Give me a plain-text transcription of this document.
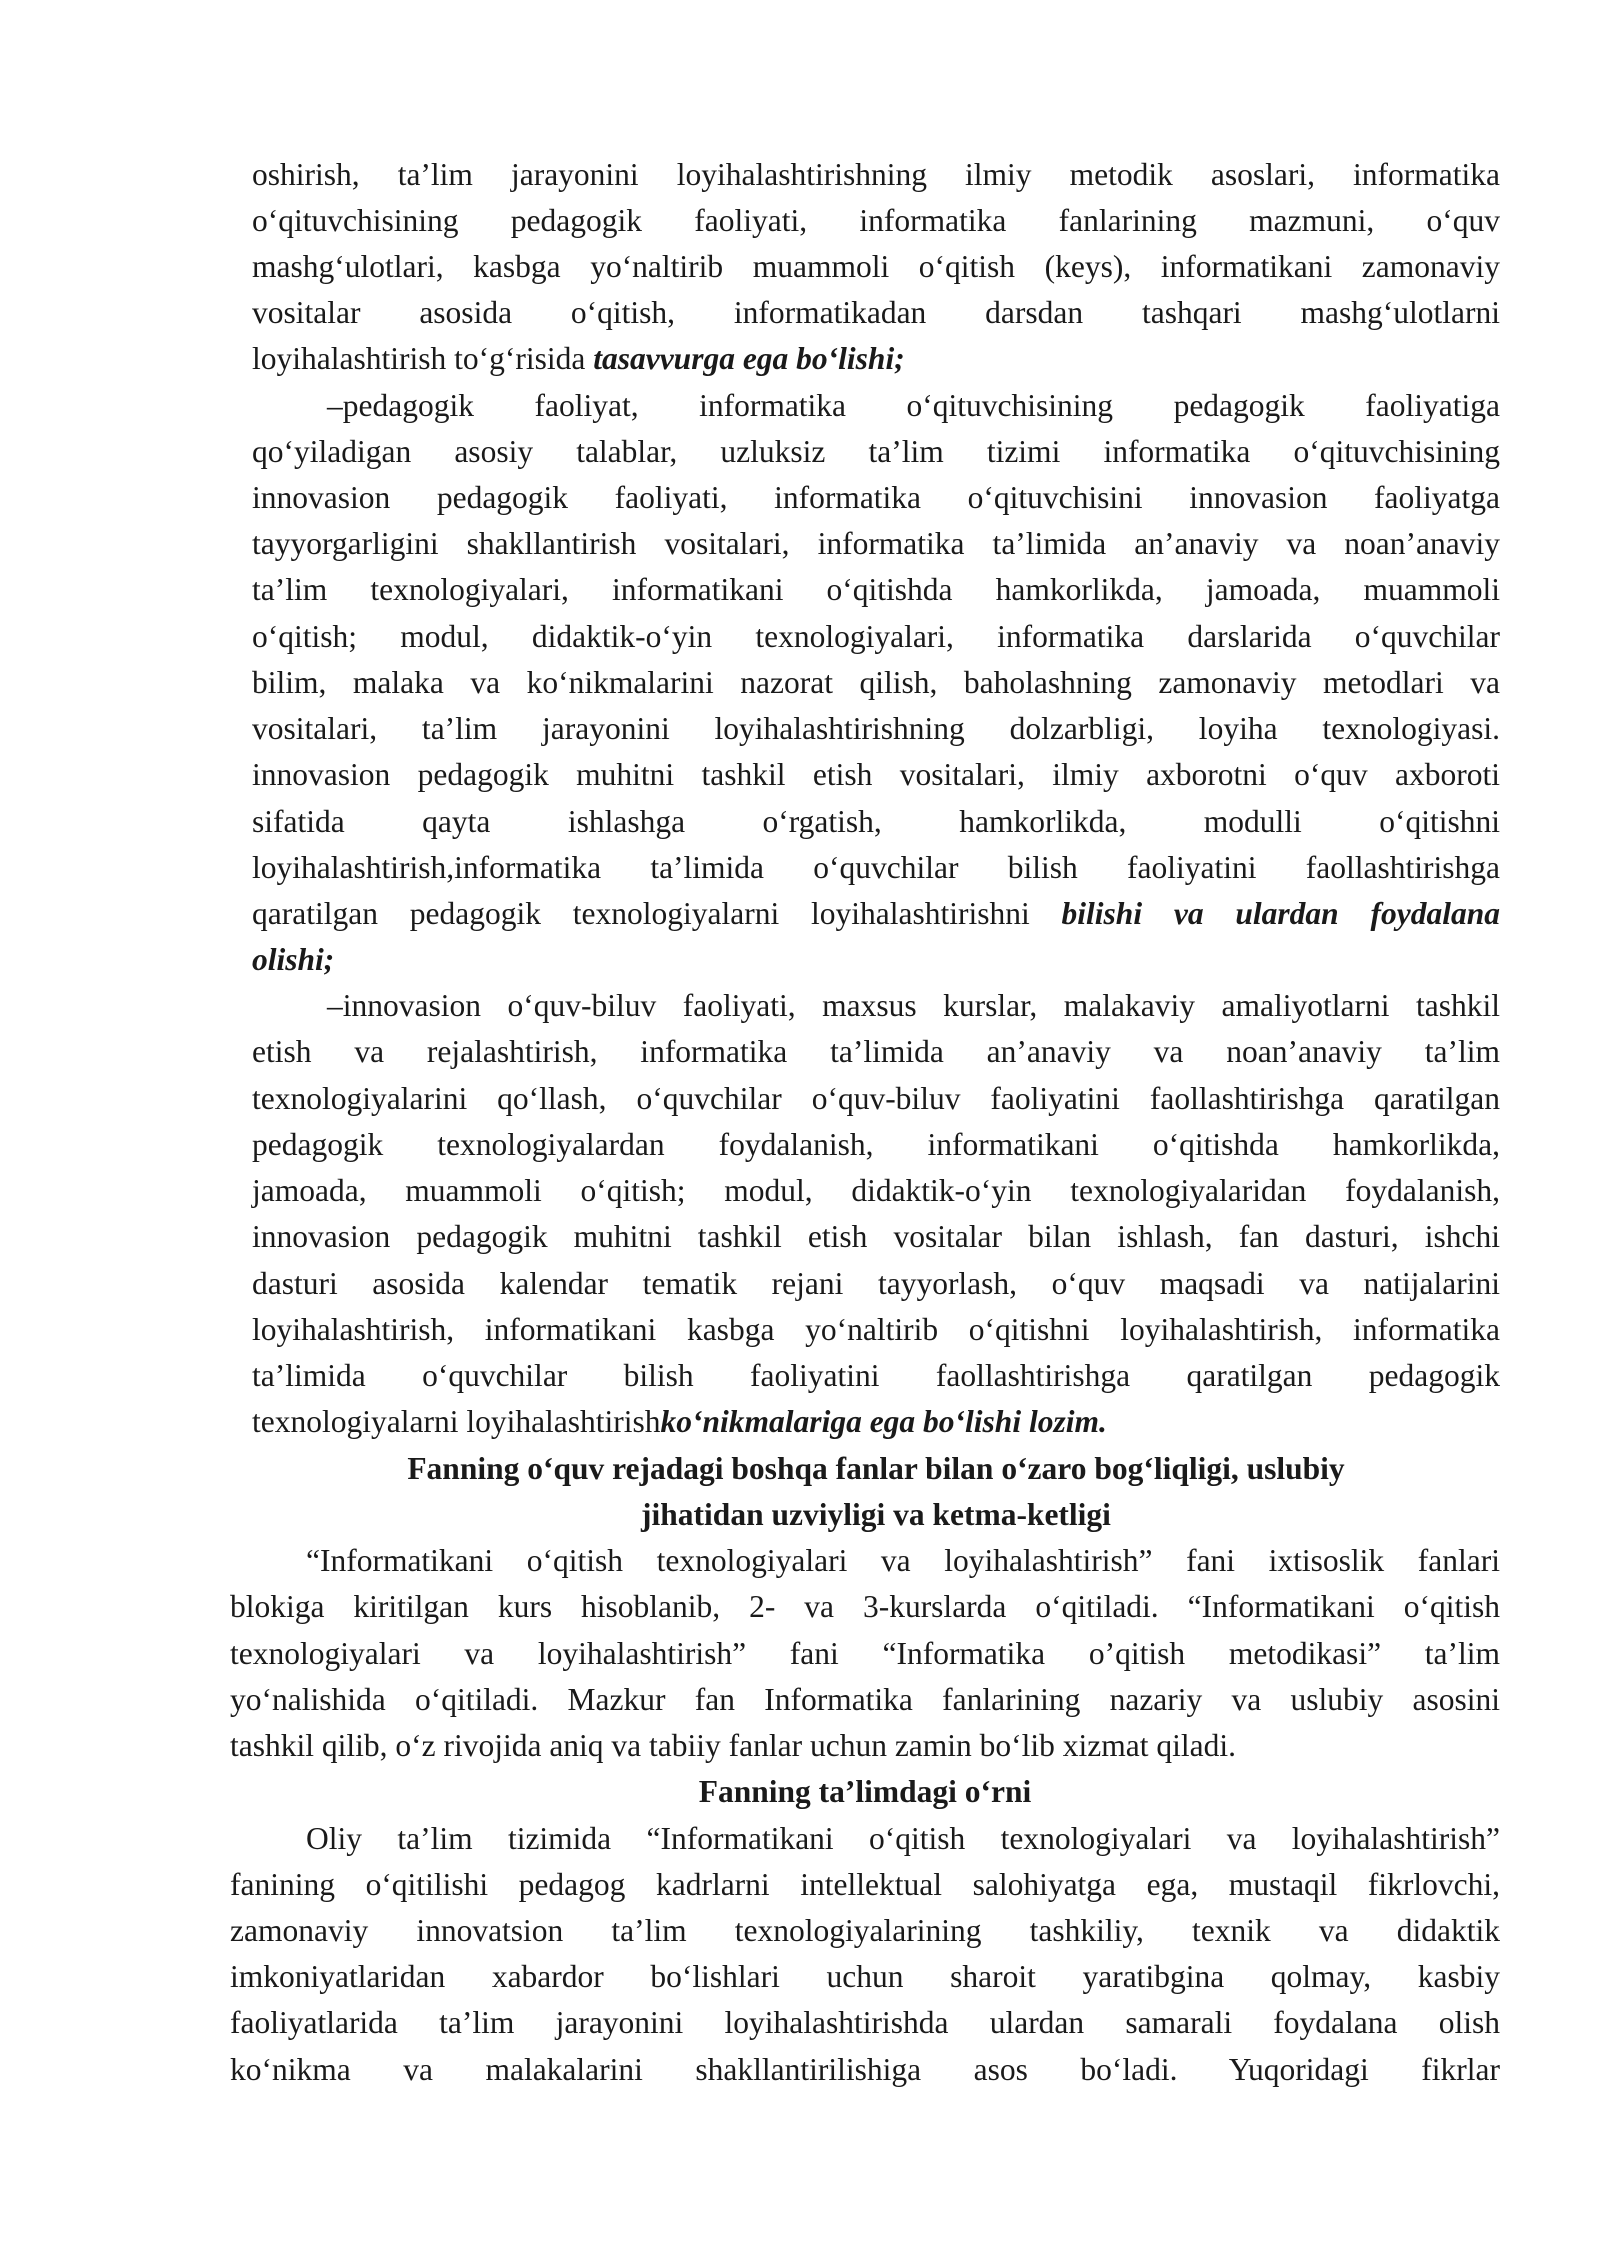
oshirish, ta’lim jarayonini loyihalashtirishning ilmiy metodik asoslari, informatika
o‘qituvchisining pedagogik faoliyati, informatika fanlarining mazmuni, o‘quv
mashg‘ulotlari, kasbga yo‘naltirib muammoli o‘qitish (keys), informatikani zamonaviy
vositalar asosida o‘qitish, informatikadan darsdan tashqari mashg‘ulotlarni
loyihalashtirish to‘g‘risida tasavvurga ega bo‘lishi;
–pedagogik faoliyat, informatika o‘qituvchisining pedagogik faoliyatiga
qo‘yiladigan asosiy talablar, uzluksiz ta’lim tizimi informatika o‘qituvchisining
innovasion pedagogik faoliyati, informatika o‘qituvchisini innovasion faoliyatga
tayyorgarligini shakllantirish vositalari, informatika ta’limida an’anaviy va noan’anaviy
ta’lim texnologiyalari, informatikani o‘qitishda hamkorlikda, jamoada, muammoli
o‘qitish; modul, didaktik-o‘yin texnologiyalari, informatika darslarida o‘quvchilar
bilim, malaka va ko‘nikmalarini nazorat qilish, baholashning zamonaviy metodlari va
vositalari, ta’lim jarayonini loyihalashtirishning dolzarbligi, loyiha texnologiyasi.
innovasion pedagogik muhitni tashkil etish vositalari, ilmiy axborotni o‘quv axboroti
sifatida qayta ishlashga o‘rgatish, hamkorlikda, modulli o‘qitishni
loyihalashtirish,informatika ta’limida o‘quvchilar bilish faoliyatini faollashtirishga
qaratilgan pedagogik texnologiyalarni loyihalashtirishni bilishi va ulardan foydalana
olishi;
–innovasion o‘quv-biluv faoliyati, maxsus kurslar, malakaviy amaliyotlarni tashkil
etish va rejalashtirish, informatika ta’limida an’anaviy va noan’anaviy ta’lim
texnologiyalarini qo‘llash, o‘quvchilar o‘quv-biluv faoliyatini faollashtirishga qaratilgan
pedagogik texnologiyalardan foydalanish, informatikani o‘qitishda hamkorlikda,
jamoada, muammoli o‘qitish; modul, didaktik-o‘yin texnologiyalaridan foydalanish,
innovasion pedagogik muhitni tashkil etish vositalar bilan ishlash, fan dasturi, ishchi
dasturi asosida kalendar tematik rejani tayyorlash, o‘quv maqsadi va natijalarini
loyihalashtirish, informatikani kasbga yo‘naltirib o‘qitishni loyihalashtirish, informatika
ta’limida o‘quvchilar bilish faoliyatini faollashtirishga qaratilgan pedagogik
texnologiyalarni loyihalashtirishko‘nikmalariga ega bo‘lishi lozim.
Fanning o‘quv rejadagi boshqa fanlar bilan o‘zaro bog‘liqligi, uslubiy
jihatidan uzviyligi va ketma-ketligi
“Informatikani o‘qitish texnologiyalari va loyihalashtirish” fani ixtisoslik fanlari
blokiga kiritilgan kurs hisoblanib, 2- va 3-kurslarda o‘qitiladi. “Informatikani o‘qitish
texnologiyalari va loyihalashtirish” fani “Informatika o’qitish metodikasi” ta’lim
yo‘nalishida o‘qitiladi. Mazkur fan Informatika fanlarining nazariy va uslubiy asosini
tashkil qilib, o‘z rivojida aniq va tabiiy fanlar uchun zamin bo‘lib xizmat qiladi.
Fanning ta’limdagi o‘rni
Oliy ta’lim tizimida “Informatikani o‘qitish texnologiyalari va loyihalashtirish”
fanining o‘qitilishi pedagog kadrlarni intellektual salohiyatga ega, mustaqil fikrlovchi,
zamonaviy innovatsion ta’lim texnologiyalarining tashkiliy, texnik va didaktik
imkoniyatlaridan xabardor bo‘lishlari uchun sharoit yaratibgina qolmay, kasbiy
faoliyatlarida ta’lim jarayonini loyihalashtirishda ulardan samarali foydalana olish
ko‘nikma va malakalarini shakllantirilishiga asos bo‘ladi. Yuqoridagi fikrlar
